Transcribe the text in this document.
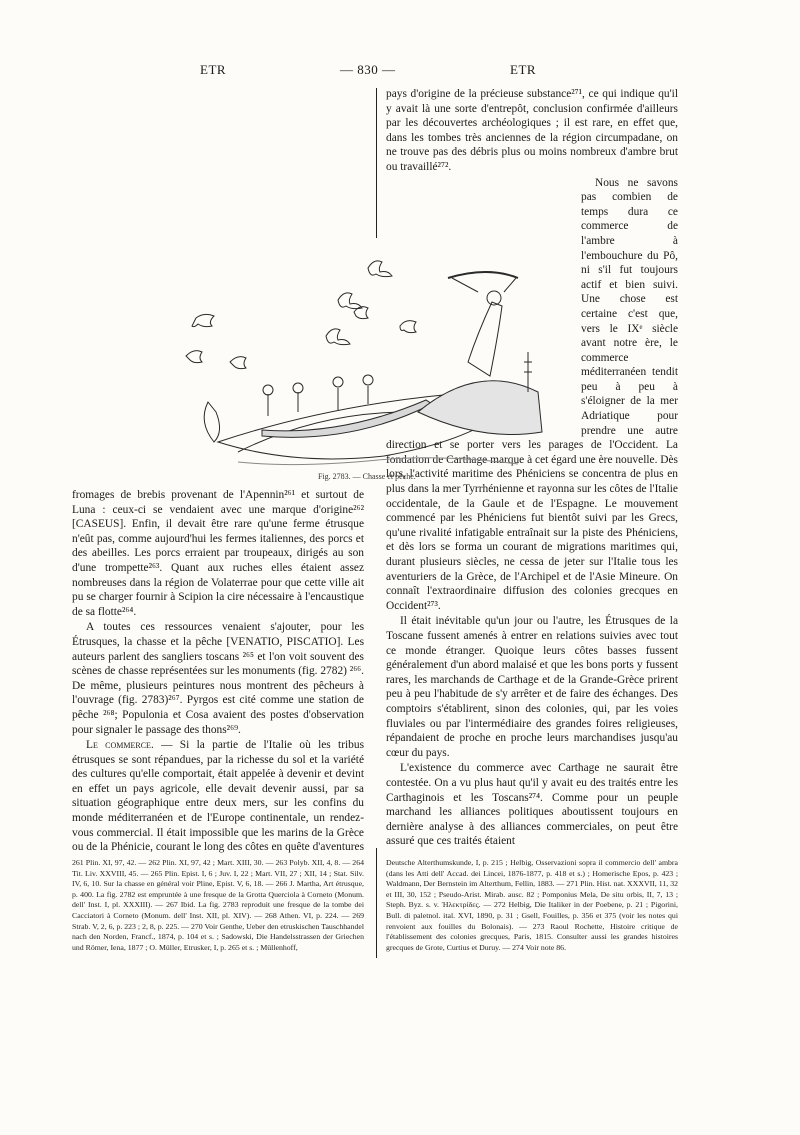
ETR	— 830 —	ETR

fromages de brebis provenant de l'Apennin²⁶¹ et surtout de Luna : ceux-ci se vendaient avec une marque d'origine²⁶² [CASEUS]. Enfin, il devait être rare qu'une ferme étrusque n'eût pas, comme aujourd'hui les fermes italiennes, des porcs et des abeilles. Les porcs erraient par troupeaux, dirigés au son d'une trompette²⁶³. Quant aux ruches elles étaient assez nombreuses dans la région de Volaterrae pour que cette ville ait pu se charger fournir à Scipion la cire nécessaire à l'encaustique de sa flotte²⁶⁴.

A toutes ces ressources venaient s'ajouter, pour les Étrusques, la chasse et la pêche [VENATIO, PISCATIO]. Les auteurs parlent des sangliers toscans ²⁶⁵ et l'on voit souvent des scènes de chasse représentées sur les monuments (fig. 2782) ²⁶⁶. De même, plusieurs peintures nous montrent des pêcheurs à l'ouvrage (fig. 2783)²⁶⁷. Pyrgos est cité comme une station de pêche ²⁶⁸; Populonia et Cosa avaient des postes d'observation pour signaler le passage des thons²⁶⁹.

Le commerce. — Si la partie de l'Italie où les tribus étrusques se sont répandues, par la richesse du sol et la variété des cultures qu'elle comportait, était appelée à devenir et devint en effet un pays agricole, elle devait devenir aussi, par sa situation géographique entre deux mers, sur les confins du monde méditerranéen et de l'Europe continentale, un rendez-vous commercial. Il était impossible que les marins de la Grèce ou de la Phénicie, courant le long des côtes en quête d'aventures

pays d'origine de la précieuse substance²⁷¹, ce qui indique qu'il y avait là une sorte d'entrepôt, conclusion confirmée d'ailleurs par les découvertes archéologiques ; il est rare, en effet que, dans les tombes très anciennes de la région circumpadane, on ne trouve pas des débris plus ou moins nombreux d'ambre brut ou travaillé²⁷².

Nous ne savons pas combien de temps dura ce commerce de l'ambre à l'embouchure du Pô, ni s'il fut toujours actif et bien suivi. Une chose est certaine c'est que, vers le IXᵉ siècle avant notre ère, le commerce méditerranéen tendit peu à peu à s'éloigner de la mer Adriatique pour prendre une autre direction et se porter vers les parages de l'Occident. La fondation de Carthage marque à cet égard une ère nouvelle. Dès lors, l'activité maritime des Phéniciens se concentra de plus en plus dans la mer Tyrrhénienne et rayonna sur les côtes de l'Italie occidentale, de la Gaule et de l'Espagne. Le mouvement commencé par les Phéniciens fut bientôt suivi par les Grecs, qu'une rivalité infatigable entraînait sur la piste des Phéniciens, et dès lors se forma un courant de migrations maritimes qui, durant plusieurs siècles, ne cessa de jeter sur l'Italie tous les aventuriers de la Grèce, de l'Archipel et de l'Asie Mineure. On connaît l'extraordinaire diffusion des colonies grecques en Occident²⁷³.

Il était inévitable qu'un jour ou l'autre, les Étrusques de la Toscane fussent amenés à entrer en relations suivies avec tout ce monde étranger. Quoique leurs côtes basses fussent généralement d'un abord malaisé et que les bons ports y fussent rares, les marchands de Carthage et de la Grande-Grèce prirent peu à peu l'habitude de s'y arrêter et de faire des échanges. Des comptoirs s'établirent, sinon des colonies, qui, par les voies fluviales ou par l'intermédiaire des grandes foires religieuses, répandaient de proche en proche leurs marchandises jusqu'au cœur du pays.

L'existence du commerce avec Carthage ne saurait être contestée. On a vu plus haut qu'il y avait eu des traités entre les Carthaginois et les Toscans²⁷⁴. Comme pour un peuple marchand les alliances politiques aboutissent toujours en dernière analyse à des alliances commerciales, on peut être assuré que ces traités étaient

Fig. 2783. — Chasse et pêche.

261 Plin. XI, 97, 42. — 262 Plin. XI, 97, 42 ; Mart. XIII, 30. — 263 Polyb. XII, 4, 8. — 264 Tit. Liv. XXVIII, 45. — 265 Plin. Epist. I, 6 ; Juv. I, 22 ; Mart. VII, 27 ; XII, 14 ; Stat. Silv. IV, 6, 10. Sur la chasse en général voir Pline, Epist. V, 6, 18. — 266 J. Martha, Art étrusque, p. 400. La fig. 2782 est empruntée à une fresque de la Grotta Querciola à Corneto (Monum. dell' Inst. I, pl. XXXIII). — 267 Ibid. La fig. 2783 reproduit une fresque de la tombe dei Cacciatori à Corneto (Monum. dell' Inst. XII, pl. XIV). — 268 Athen. VI, p. 224. — 269 Strab. V, 2, 6, p. 223 ; 2, 8, p. 225. — 270 Voir Genthe, Ueber den etruskischen Tauschhandel nach den Norden, Francf., 1874, p. 104 et s. ; Sadowski, Die Handelsstrassen der Griechen und Römer, Iena, 1877 ; O. Müller, Etrusker, I, p. 265 et s. ; Müllenhoff,

Deutsche Alterthumskunde, I, p. 215 ; Helbig, Osservazioni sopra il commercio dell' ambra (dans les Atti dell' Accad. dei Lincei, 1876-1877, p. 418 et s.) ; Homerische Epos, p. 423 ; Waldmann, Der Bernstein im Alterthum, Fellin, 1883. — 271 Plin. Hist. nat. XXXVII, 11, 32 et III, 30, 152 ; Pseudo-Arist. Mirab. ausc. 82 ; Pomponius Mela, De situ orbis, II, 7, 13 ; Steph. Byz. s. v. Ἠλεκτρίδες. — 272 Helbig, Die Italiker in der Poebene, p. 21 ; Pigorini, Bull. di paletnol. ital. XVI, 1890, p. 31 ; Gsell, Fouilles, p. 356 et 375 (voir les notes qui renvoient aux fouilles du Bolonais). — 273 Raoul Rochette, Histoire critique de l'établissement des colonies grecques, Paris, 1815. Consulter aussi les grandes histoires grecques de Grote, Curtius et Duruy. — 274 Voir note 86.
